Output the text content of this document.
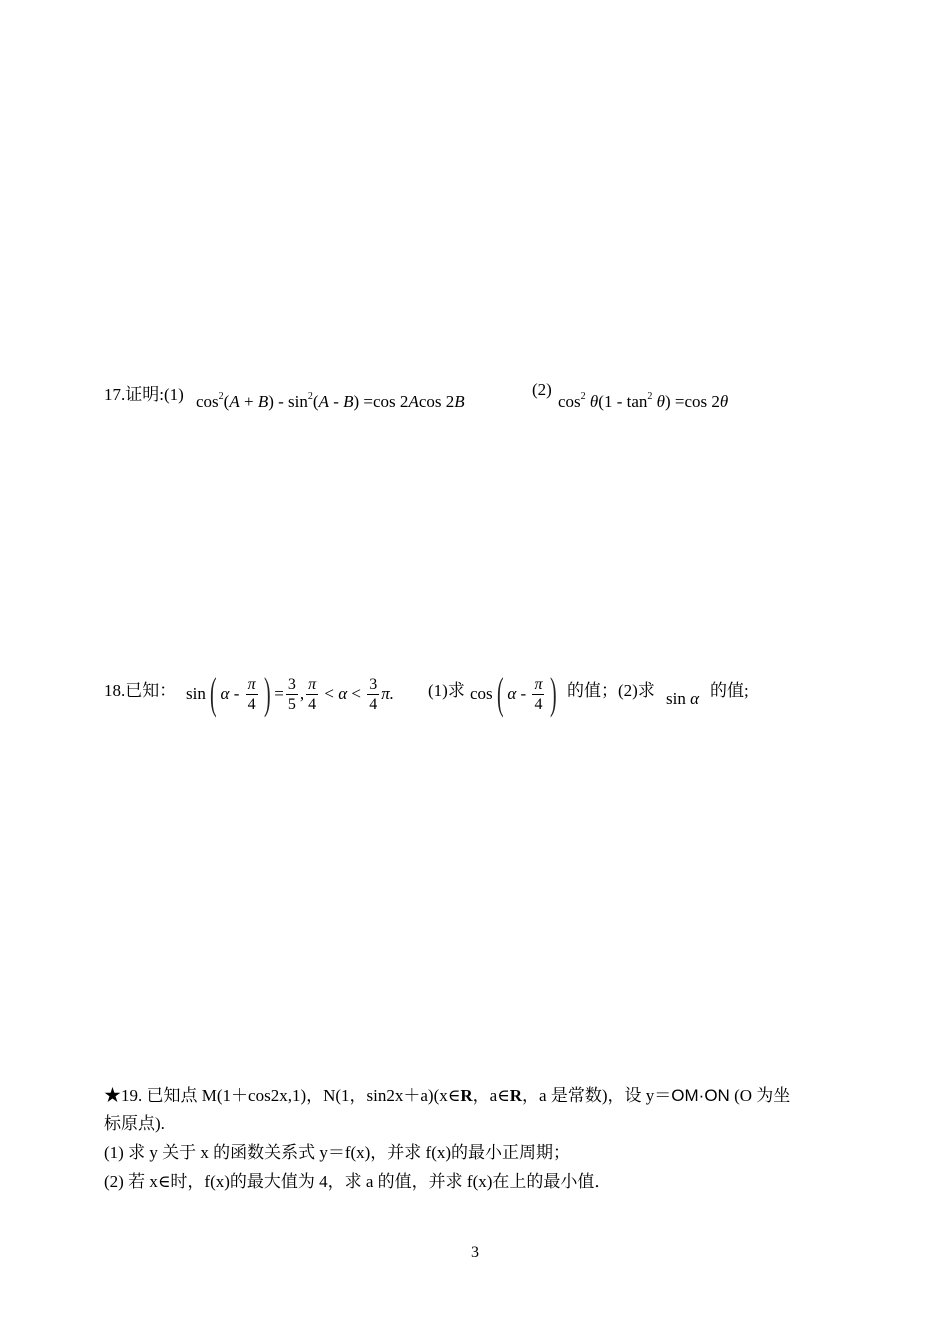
17.证明:(1) $\cos^2(A + B) - \sin^2(A - B) =\cos$ 2Acos 2B
(2)
$\cos^2 \theta(1 - \tan^2 \theta) =\cos$ 2θ
18.已知： sin( α - $\frac{\pi}{4}$ ) = $\frac{3}{5}$ , $\frac{\pi}{4} < \alpha < \frac{3}{4} \pi$. (1)求 cos( α - $\frac{\pi}{4}$ ) 的值；(2)求 sin α 的值;
★19. 已知点 M(1＋cos2x,1)，N(1，sin2x＋a)(x∈R，a∈R，a 是常数)，设 y＝OM·ON (O 为坐
标原点).
(1) 求 y 关于 x 的函数关系式 y＝f(x)，并求 f(x)的最小正周期；
(2) 若 x∈时，f(x)的最大值为 4，求 a 的值，并求 f(x)在上的最小值．
3
